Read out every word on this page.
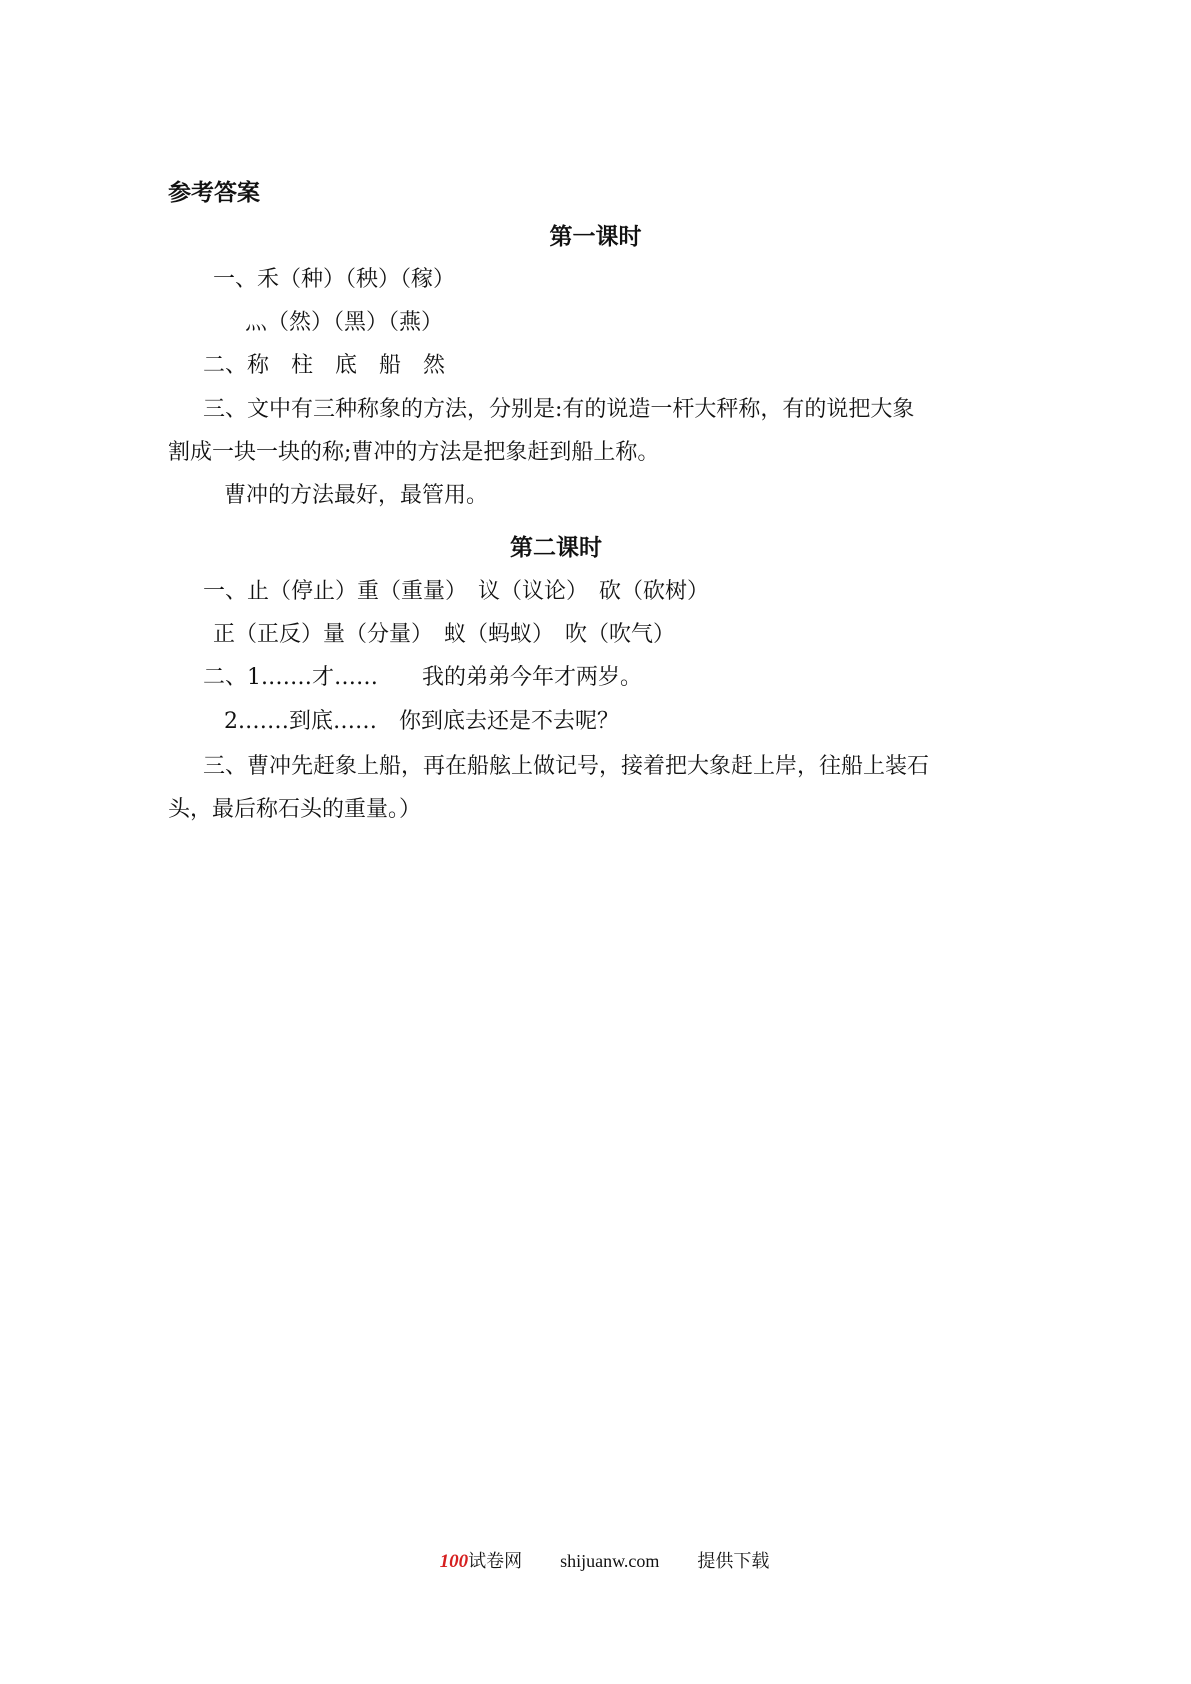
参考答案
第一课时
一、禾（种）（秧）（稼）
灬（然）（黑）（燕）
二、称　柱　底　船　然
三、文中有三种称象的方法，分别是:有的说造一杆大秤称，有的说把大象
割成一块一块的称;曹冲的方法是把象赶到船上称。
曹冲的方法最好，最管用。
第二课时
一、止（停止）重（重量）　议（议论）　砍（砍树）
正（正反）量（分量）　蚁（蚂蚁）　吹（吹气）
二、1.……才……　　我的弟弟今年才两岁。
2.……到底……　你到底去还是不去呢？
三、曹冲先赶象上船，再在船舷上做记号，接着把大象赶上岸，往船上装石
头，最后称石头的重量。）

100试卷网 shijuanw.com 提供下载
